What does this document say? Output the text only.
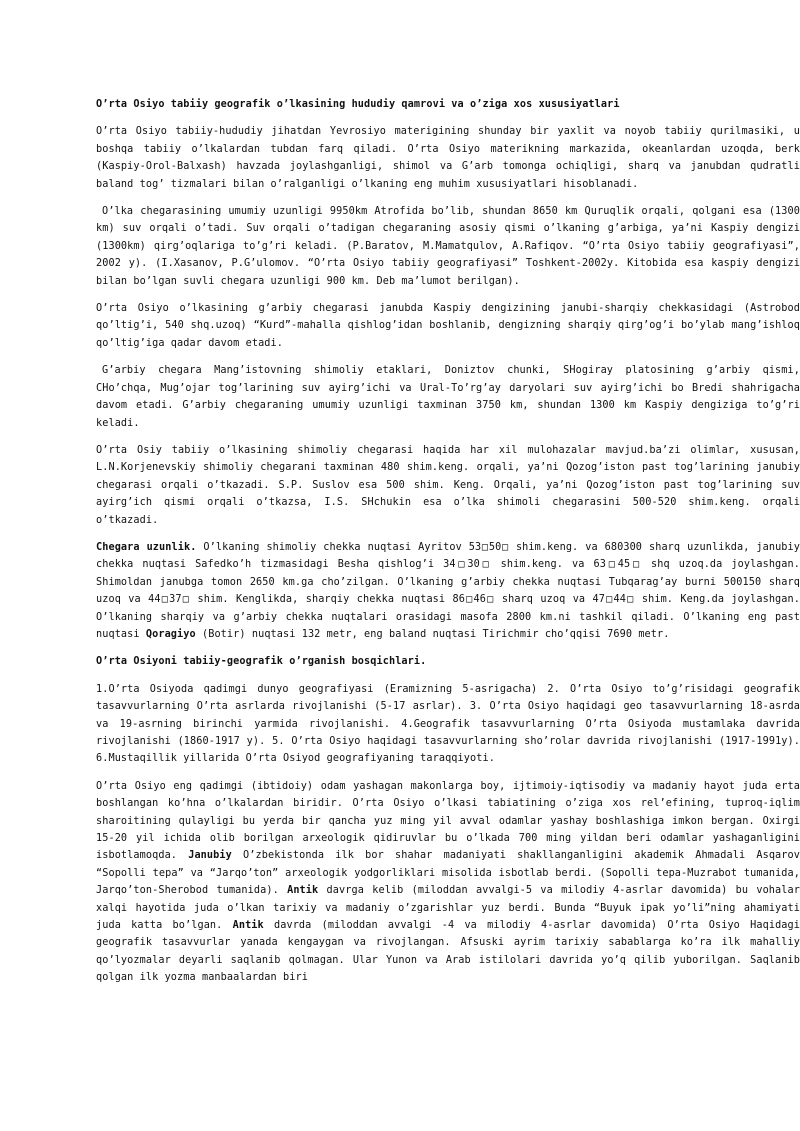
O’rta Osiyo tabiiy geografik o’lkasining hududiy qamrovi va o’ziga xos xususiyatlari

O’rta Osiyo tabiiy-hududiy jihatdan Yevrosiyo materigining shunday bir yaxlit va noyob tabiiy qurilmasiki, u boshqa tabiiy o’lkalardan tubdan farq qiladi. O’rta Osiyo materikning markazida, okeanlardan uzoqda, berk (Kaspiy-Orol-Balxash) havzada joylashganligi, shimol va G’arb tomonga ochiqligi, sharq va janubdan qudratli baland tog’ tizmalari bilan o’ralganligi o’lkaning eng muhim xususiyatlari hisoblanadi.

O’lka chegarasining umumiy uzunligi 9950km Atrofida bo’lib, shundan 8650 km Quruqlik orqali, qolgani esa (1300 km) suv orqali o’tadi. Suv orqali o’tadigan chegaraning asosiy qismi o’lkaning g’arbiga, ya’ni Kaspiy dengizi (1300km) qirg’oqlariga to’g’ri keladi. (P.Baratov, M.Mamatqulov, A.Rafiqov. “O’rta Osiyo tabiiy geografiyasi”, 2002 y). (I.Xasanov, P.G’ulomov. “O’rta Osiyo tabiiy geografiyasi” Toshkent-2002y. Kitobida esa kaspiy dengizi bilan bo’lgan suvli chegara uzunligi 900 km. Deb ma’lumot berilgan).

O’rta Osiyo o’lkasining g’arbiy chegarasi janubda Kaspiy dengizining janubi-sharqiy chekkasidagi (Astrobod qo’ltig’i, 540 shq.uzoq) “Kurd”-mahalla qishlog’idan boshlanib, dengizning sharqiy qirg’og’i bo’ylab mang’ishloq qo’ltig’iga qadar davom etadi.

G’arbiy chegara Mang’istovning shimoliy etaklari, Doniztov chunki, SHogiray platosining g’arbiy qismi, CHo’chqa, Mug’ojar tog’larining suv ayirg’ichi va Ural-To’rg’ay daryolari suv ayirg’ichi bo Bredi shahrigacha davom etadi. G’arbiy chegaraning umumiy uzunligi taxminan 3750 km, shundan 1300 km Kaspiy dengiziga to’g’ri keladi.

O’rta Osiy tabiiy o’lkasining shimoliy chegarasi haqida har xil mulohazalar mavjud.ba’zi olimlar, xususan, L.N.Korjenevskiy shimoliy chegarani taxminan 480 shim.keng. orqali, ya’ni Qozog’iston past tog’larining janubiy chegarasi orqali o’tkazadi. S.P. Suslov esa 500 shim. Keng. Orqali, ya’ni Qozog’iston past tog’larining suv ayirg’ich qismi orqali o’tkazsa, I.S. SHchukin esa o’lka shimoli chegarasini 500-520 shim.keng. orqali o’tkazadi.

Chegara uzunlik. O’lkaning shimoliy chekka nuqtasi Ayritov 53□50□ shim.keng. va 680300 sharq uzunlikda, janubiy chekka nuqtasi Safedko’h tizmasidagi Besha qishlog’i 34□30□ shim.keng. va 63□45□ shq uzoq.da joylashgan. Shimoldan janubga tomon 2650 km.ga cho’zilgan. O’lkaning g’arbiy chekka nuqtasi Tubqarag’ay burni 500150 sharq uzoq va 44□37□ shim. Kenglikda, sharqiy chekka nuqtasi 86□46□ sharq uzoq va 47□44□ shim. Keng.da joylashgan. O’lkaning sharqiy va g’arbiy chekka nuqtalari orasidagi masofa 2800 km.ni tashkil qiladi. O’lkaning eng past nuqtasi Qoragiyo (Botir) nuqtasi 132 metr, eng baland nuqtasi Tirichmir cho’qqisi 7690 metr.

O’rta Osiyoni tabiiy-geografik o’rganish bosqichlari.

1.O’rta Osiyoda qadimgi dunyo geografiyasi (Eramizning 5-asrigacha) 2. O’rta Osiyo to’g’risidagi geografik tasavvurlarning O’rta asrlarda rivojlanishi (5-17 asrlar). 3. O’rta Osiyo haqidagi geo tasavvurlarning 18-asrda va 19-asrning birinchi yarmida rivojlanishi. 4.Geografik tasavvurlarning O’rta Osiyoda mustamlaka davrida rivojlanishi (1860-1917 y). 5. O’rta Osiyo haqidagi tasavvurlarning sho’rolar davrida rivojlanishi (1917-1991y). 6.Mustaqillik yillarida O’rta Osiyod geografiyaning taraqqiyoti.

O’rta Osiyo eng qadimgi (ibtidoiy) odam yashagan makonlarga boy, ijtimoiy-iqtisodiy va madaniy hayot juda erta boshlangan ko’hna o’lkalardan biridir. O’rta Osiyo o’lkasi tabiatining o’ziga xos rel’efining, tuproq-iqlim sharoitining qulayligi bu yerda bir qancha yuz ming yil avval odamlar yashay boshlashiga imkon bergan. Oxirgi 15-20 yil ichida olib borilgan arxeologik qidiruvlar bu o’lkada 700 ming yildan beri odamlar yashaganligini isbotlamoqda. Janubiy O’zbekistonda ilk bor shahar madaniyati shakllanganligini akademik Ahmadali Asqarov “Sopolli tepa” va “Jarqo’ton” arxeologik yodgorliklari misolida isbotlab berdi. (Sopolli tepa-Muzrabot tumanida, Jarqo’ton-Sherobod tumanida). Antik davrga kelib (miloddan avvalgi-5 va milodiy 4-asrlar davomida) bu vohalar xalqi hayotida juda o’lkan tarixiy va madaniy o’zgarishlar yuz berdi. Bunda “Buyuk ipak yo’li”ning ahamiyati juda katta bo’lgan. Antik davrda (miloddan avvalgi -4 va milodiy 4-asrlar davomida) O’rta Osiyo Haqidagi geografik tasavvurlar yanada kengaygan va rivojlangan. Afsuski ayrim tarixiy sabablarga ko’ra ilk mahalliy qo’lyozmalar deyarli saqlanib qolmagan. Ular Yunon va Arab istilolari davrida yo’q qilib yuborilgan. Saqlanib qolgan ilk yozma manbaalardan biri
